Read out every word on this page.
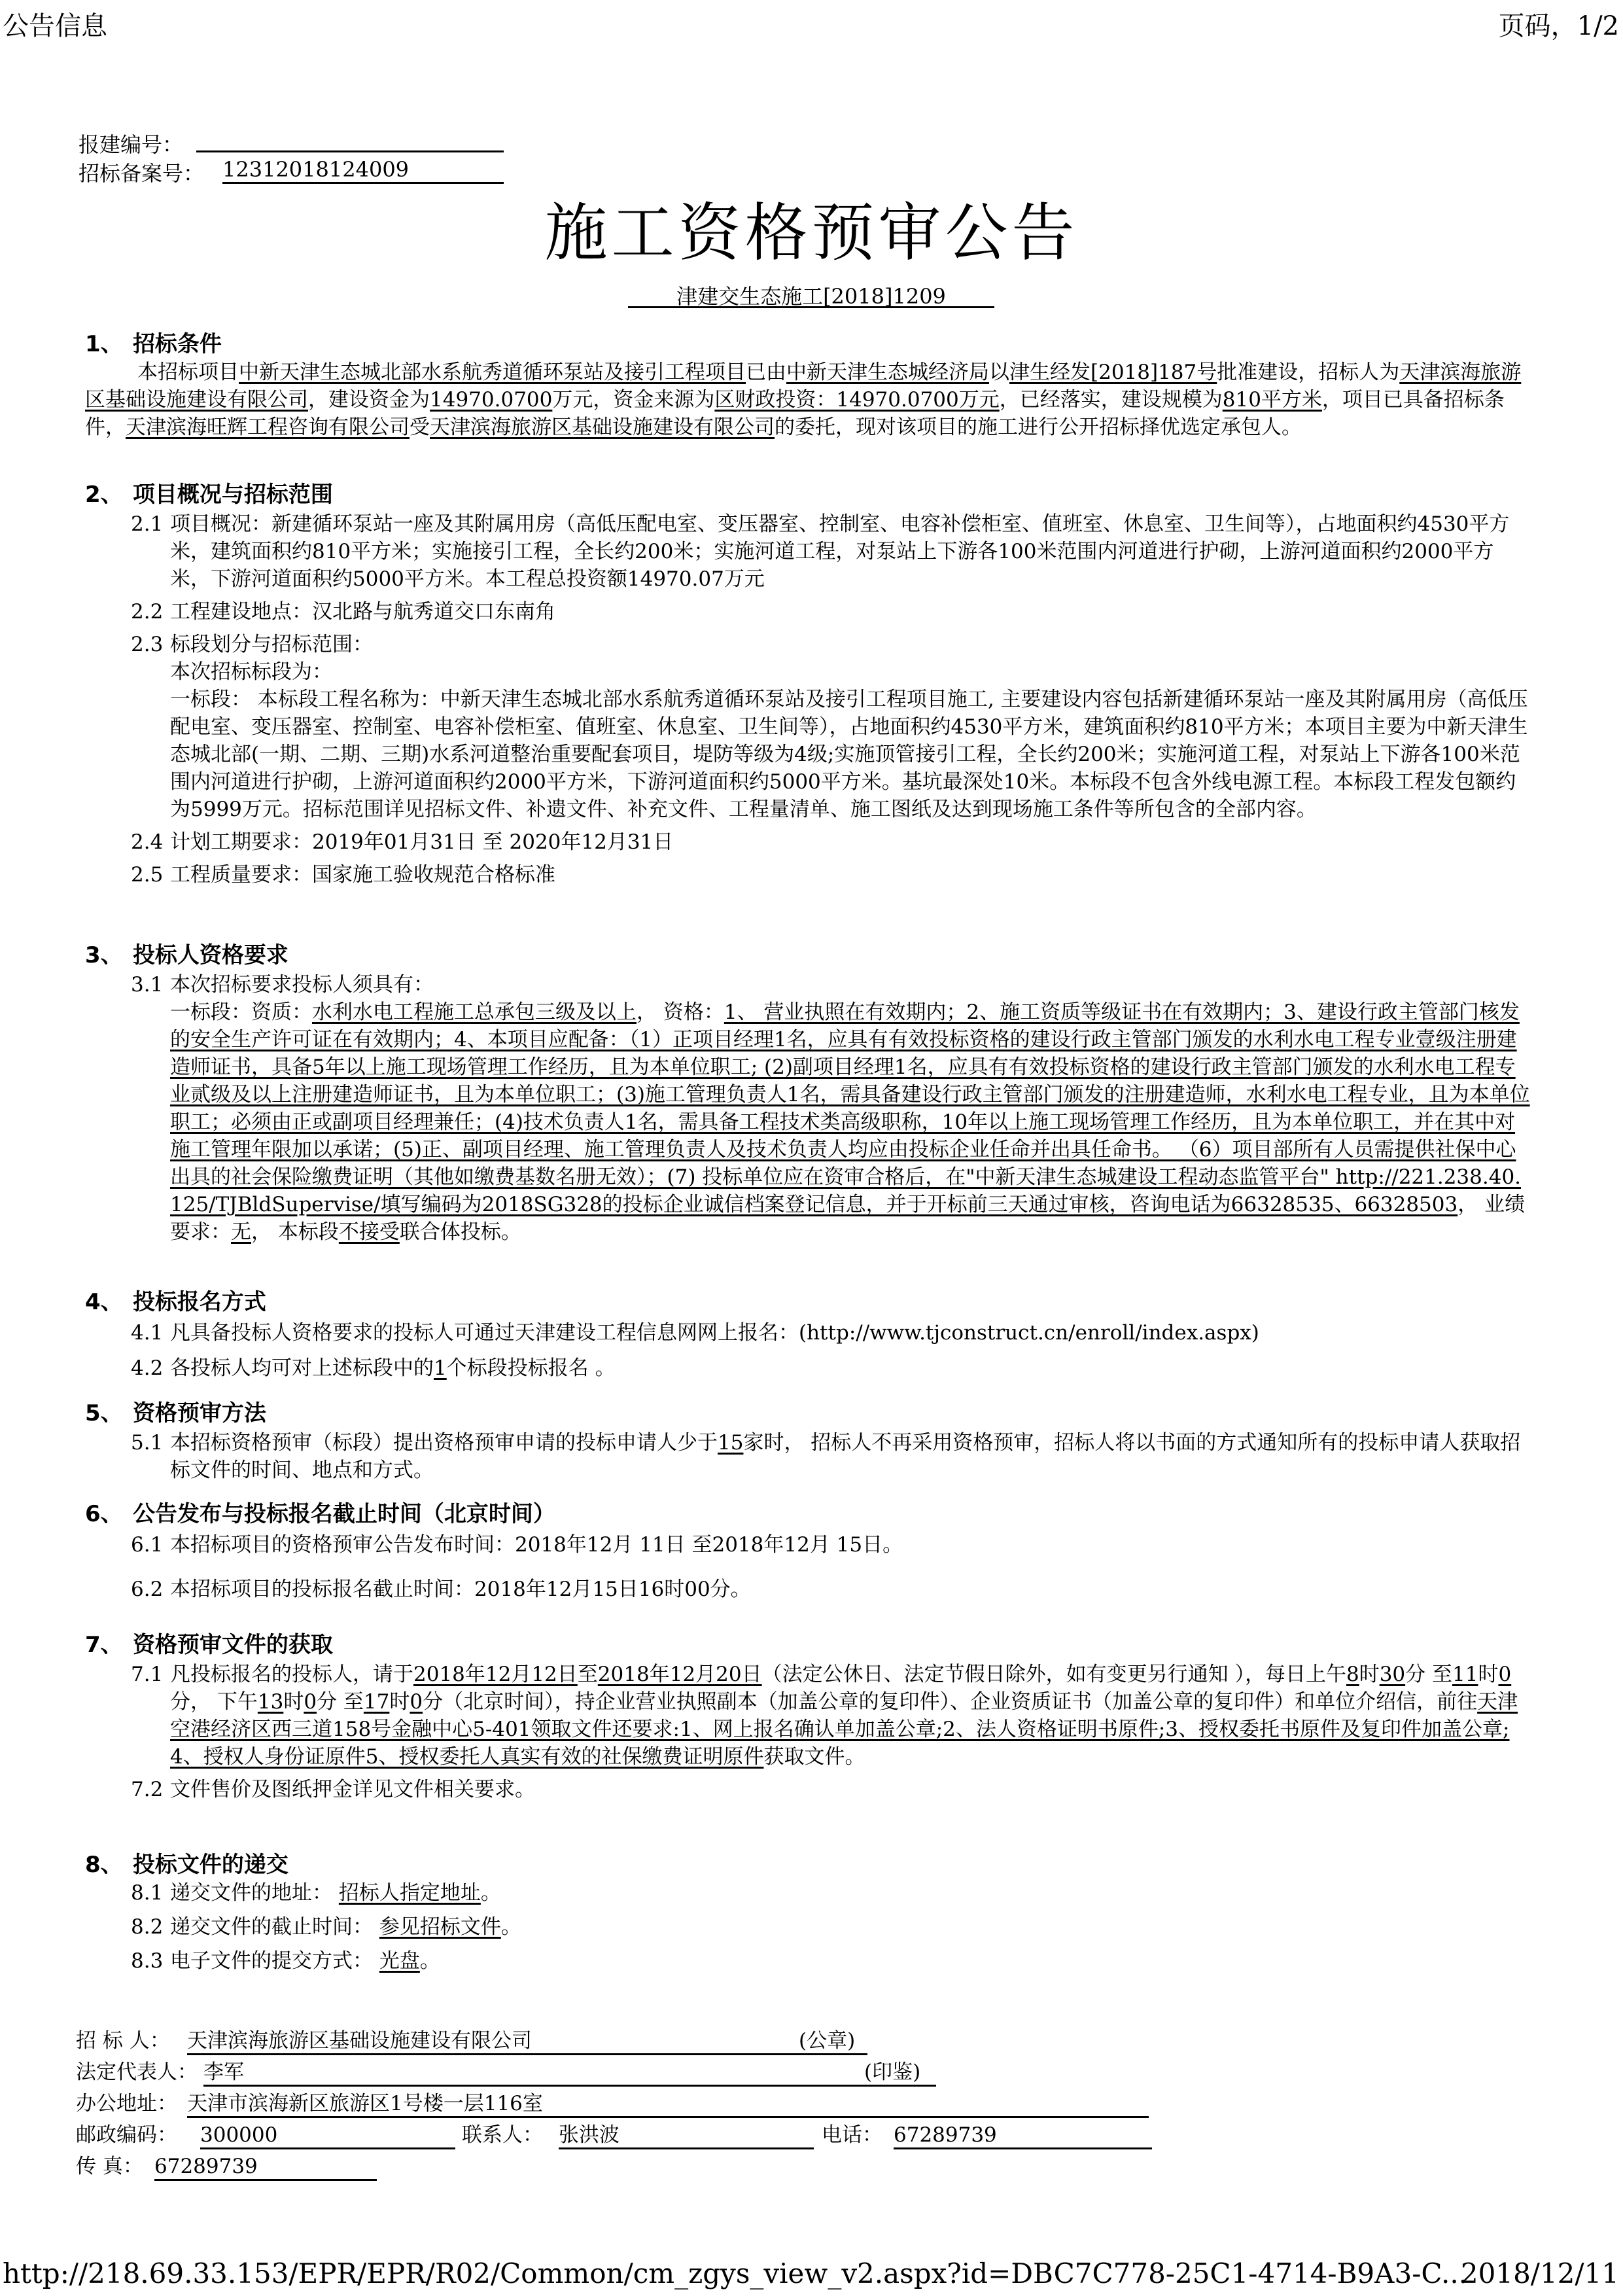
公告信息	页码，1/2
报建编号：
招标备案号： 12312018124009
施工资格预审公告
津建交生态施工[2018]1209
1、 招标条件
本招标项目中新天津生态城北部水系航秀道循环泵站及接引工程项目已由中新天津生态城经济局以津生经发[2018]187号批准建设，招标人为天津滨海旅游区基础设施建设有限公司，建设资金为14970.0700万元，资金来源为区财政投资：14970.0700万元，已经落实，建设规模为810平方米，项目已具备招标条件，天津滨海旺辉工程咨询有限公司受天津滨海旅游区基础设施建设有限公司的委托，现对该项目的施工进行公开招标择优选定承包人。
2、 项目概况与招标范围
2.1 项目概况：新建循环泵站一座及其附属用房（高低压配电室、变压器室、控制室、电容补偿柜室、值班室、休息室、卫生间等），占地面积约4530平方米，建筑面积约810平方米；实施接引工程，全长约200米；实施河道工程，对泵站上下游各100米范围内河道进行护砌，上游河道面积约2000平方米，下游河道面积约5000平方米。本工程总投资额14970.07万元
2.2 工程建设地点：汉北路与航秀道交口东南角
2.3 标段划分与招标范围：
本次招标标段为：
一标段： 本标段工程名称为：中新天津生态城北部水系航秀道循环泵站及接引工程项目施工, 主要建设内容包括新建循环泵站一座及其附属用房（高低压配电室、变压器室、控制室、电容补偿柜室、值班室、休息室、卫生间等），占地面积约4530平方米，建筑面积约810平方米；本项目主要为中新天津生态城北部(一期、二期、三期)水系河道整治重要配套项目，堤防等级为4级;实施顶管接引工程，全长约200米；实施河道工程，对泵站上下游各100米范围内河道进行护砌，上游河道面积约2000平方米，下游河道面积约5000平方米。基坑最深处10米。本标段不包含外线电源工程。本标段工程发包额约为5999万元。招标范围详见招标文件、补遗文件、补充文件、工程量清单、施工图纸及达到现场施工条件等所包含的全部内容。
2.4 计划工期要求：2019年01月31日 至 2020年12月31日
2.5 工程质量要求：国家施工验收规范合格标准
3、 投标人资格要求
3.1 本次招标要求投标人须具有：
一标段：资质：水利水电工程施工总承包三级及以上， 资格：1、 营业执照在有效期内；2、施工资质等级证书在有效期内；3、建设行政主管部门核发的安全生产许可证在有效期内；4、本项目应配备：（1）正项目经理1名，应具有有效投标资格的建设行政主管部门颁发的水利水电工程专业壹级注册建造师证书，具备5年以上施工现场管理工作经历，且为本单位职工; (2)副项目经理1名，应具有有效投标资格的建设行政主管部门颁发的水利水电工程专业贰级及以上注册建造师证书，且为本单位职工；(3)施工管理负责人1名，需具备建设行政主管部门颁发的注册建造师，水利水电工程专业，且为本单位职工；必须由正或副项目经理兼任；(4)技术负责人1名，需具备工程技术类高级职称，10年以上施工现场管理工作经历，且为本单位职工，并在其中对施工管理年限加以承诺；(5)正、副项目经理、施工管理负责人及技术负责人均应由投标企业任命并出具任命书。 （6）项目部所有人员需提供社保中心出具的社会保险缴费证明（其他如缴费基数名册无效）；(7) 投标单位应在资审合格后，在"中新天津生态城建设工程动态监管平台" http://221.238.40.125/TJBldSupervise/填写编码为2018SG328的投标企业诚信档案登记信息，并于开标前三天通过审核，咨询电话为66328535、66328503， 业绩要求：无， 本标段不接受联合体投标。
4、 投标报名方式
4.1 凡具备投标人资格要求的投标人可通过天津建设工程信息网网上报名：(http://www.tjconstruct.cn/enroll/index.aspx)
4.2 各投标人均可对上述标段中的1个标段投标报名 。
5、 资格预审方法
5.1 本招标资格预审（标段）提出资格预审申请的投标申请人少于15家时， 招标人不再采用资格预审，招标人将以书面的方式通知所有的投标申请人获取招标文件的时间、地点和方式。
6、 公告发布与投标报名截止时间（北京时间）
6.1 本招标项目的资格预审公告发布时间：2018年12月 11日 至2018年12月 15日。
6.2 本招标项目的投标报名截止时间：2018年12月15日16时00分。
7、 资格预审文件的获取
7.1 凡投标报名的投标人，请于2018年12月12日至2018年12月20日（法定公休日、法定节假日除外，如有变更另行通知 ），每日上午8时30分 至11时0分， 下午13时0分 至17时0分（北京时间），持企业营业执照副本（加盖公章的复印件）、企业资质证书（加盖公章的复印件）和单位介绍信，前往天津空港经济区西三道158号金融中心5-401领取文件还要求:1、网上报名确认单加盖公章;2、法人资格证明书原件;3、授权委托书原件及复印件加盖公章;4、授权人身份证原件5、授权委托人真实有效的社保缴费证明原件获取文件。
7.2 文件售价及图纸押金详见文件相关要求。
8、 投标文件的递交
8.1 递交文件的地址： 招标人指定地址。
8.2 递交文件的截止时间： 参见招标文件。
8.3 电子文件的提交方式： 光盘。
招 标 人： 天津滨海旅游区基础设施建设有限公司	(公章)
法定代表人： 李军	(印鉴)
办公地址： 天津市滨海新区旅游区1号楼一层116室
邮政编码： 300000	联系人： 张洪波	电话： 67289739
传 真： 67289739
http://218.69.33.153/EPR/EPR/R02/Common/cm_zgys_view_v2.aspx?id=DBC7C778-25C1-4714-B9A3-C...
2018/12/11
